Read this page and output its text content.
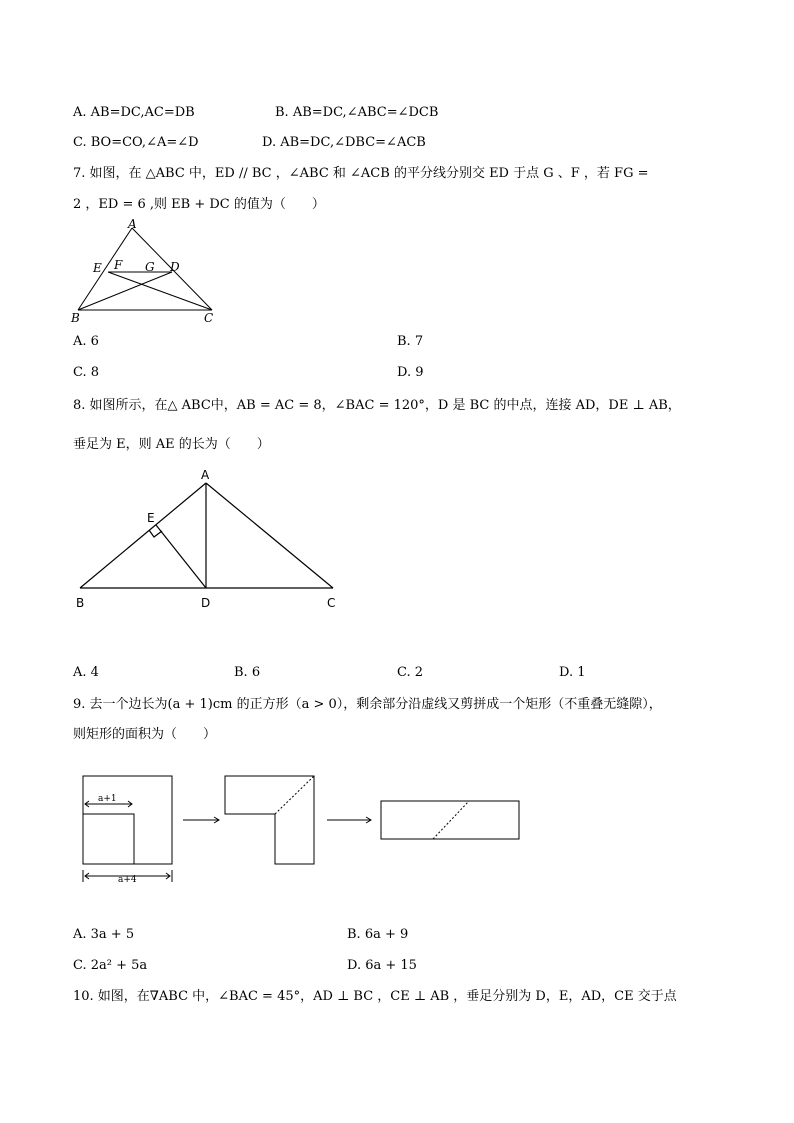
A. AB=DC,AC=DB	B. AB=DC,∠ABC=∠DCB
C. BO=CO,∠A=∠D	D. AB=DC,∠DBC=∠ACB
7. 如图，在 △ABC 中，ED // BC ，∠ABC 和 ∠ACB 的平分线分别交 ED 于点 G 、F ，若 FG =
2 ，ED = 6 ,则 EB + DC 的值为（　　）
A
E F G D
B	C
A. 6	B. 7
C. 8	D. 9
8. 如图所示，在△ ABC中，AB = AC = 8，∠BAC = 120°，D 是 BC 的中点，连接 AD，DE ⊥ AB，
垂足为 E，则 AE 的长为（　　）
A
E
B	D	C
A. 4	B. 6	C. 2	D. 1
9. 去一个边长为(a + 1)cm 的正方形（a > 0），剩余部分沿虚线又剪拼成一个矩形（不重叠无缝隙），
则矩形的面积为（　　）
a+1
a+4
A. 3a + 5	B. 6a + 9
C. 2a² + 5a	D. 6a + 15
10. 如图，在∇ABC 中，∠BAC = 45°，AD ⊥ BC ，CE ⊥ AB ，垂足分别为 D，E，AD，CE 交于点
